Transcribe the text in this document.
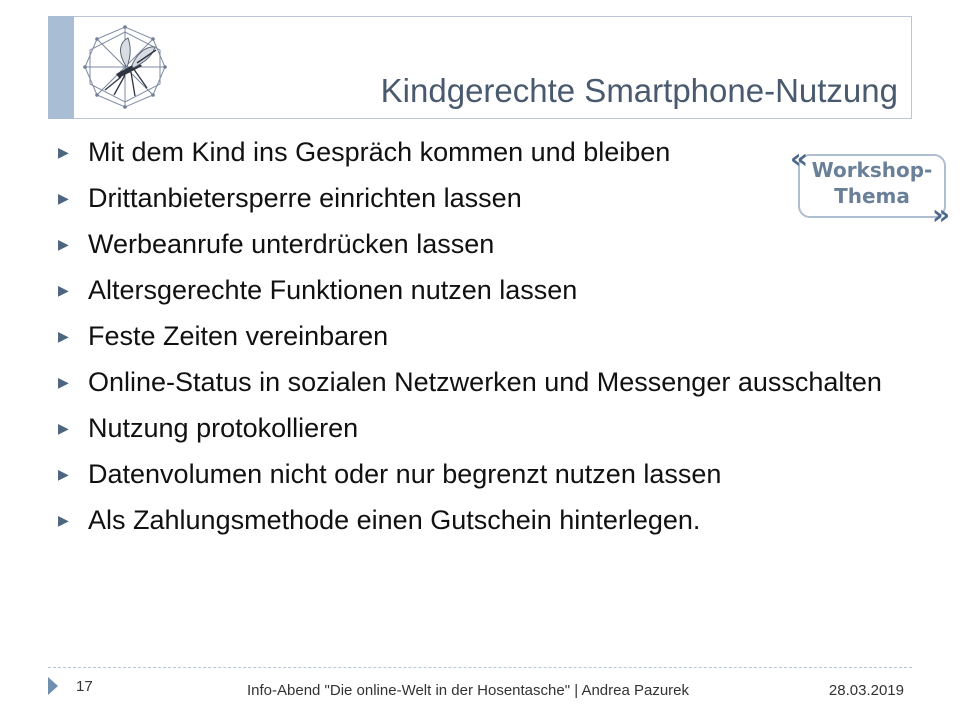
Kindgerechte Smartphone-Nutzung
▶ Mit dem Kind ins Gespräch kommen und bleiben
▶ Drittanbietersperre einrichten lassen
▶ Werbeanrufe unterdrücken lassen
▶ Altersgerechte Funktionen nutzen lassen
▶ Feste Zeiten vereinbaren
▶ Online-Status in sozialen Netzwerken und Messenger ausschalten
▶ Nutzung protokollieren
▶ Datenvolumen nicht oder nur begrenzt nutzen lassen
▶ Als Zahlungsmethode einen Gutschein hinterlegen.
« Workshop-
Thema
»
17	Info-Abend "Die online-Welt in der Hosentasche" | Andrea Pazurek	28.03.2019
